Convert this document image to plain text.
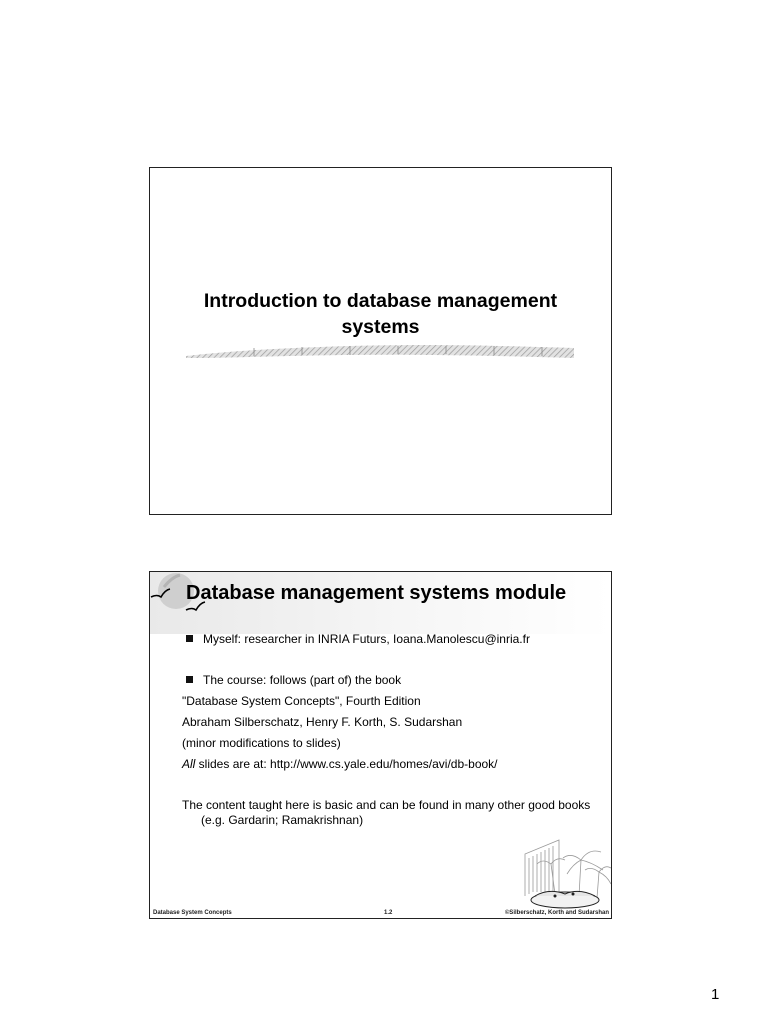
Introduction to database management
systems
Database management systems module
Myself: researcher in INRIA Futurs, Ioana.Manolescu@inria.fr
The course: follows (part of) the book
"Database System Concepts", Fourth Edition
Abraham Silberschatz, Henry F. Korth, S. Sudarshan
(minor modifications to slides)
All slides are at: http://www.cs.yale.edu/homes/avi/db-book/
The content taught here is basic and can be found in many other good books (e.g. Gardarin; Ramakrishnan)
Database System Concepts	1.2	©Silberschatz, Korth and Sudarshan
1
